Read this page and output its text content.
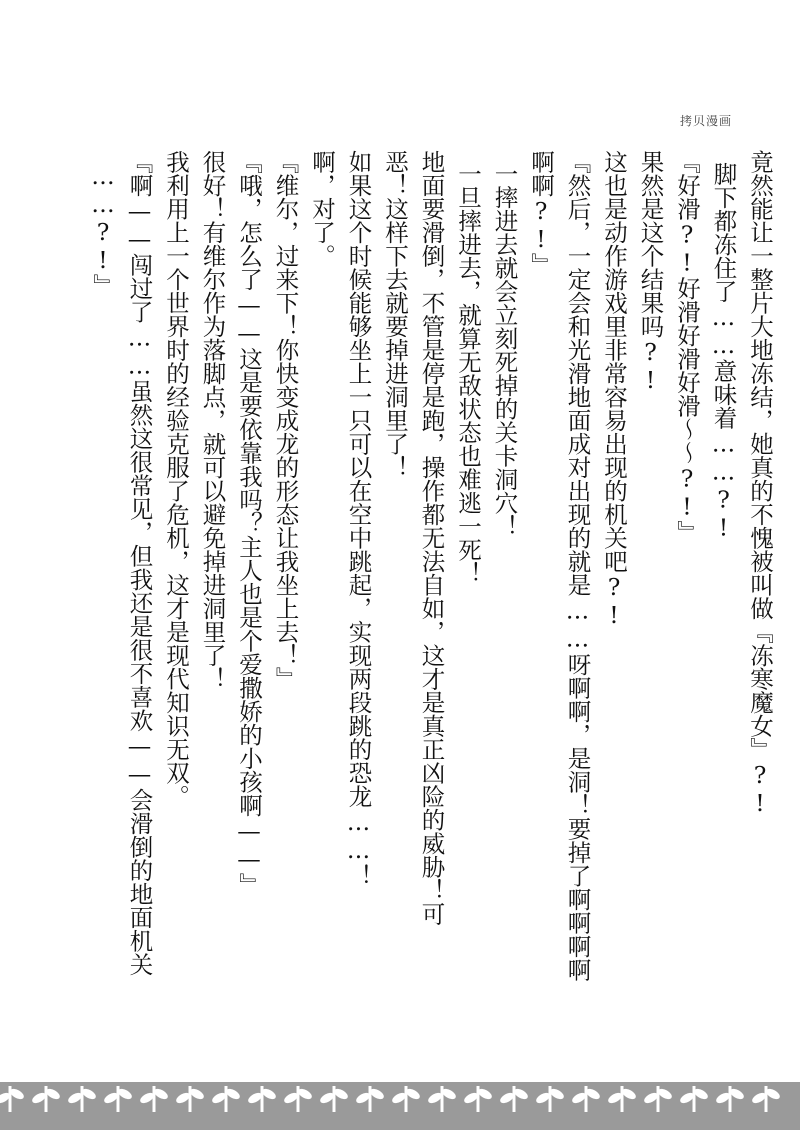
拷贝漫画
竟然能让一整片大地冻结，她真的不愧被叫做『冻寒魔女』?!
脚下都冻住了……意味着……?!
『好滑?!好滑好滑好滑～～?!』
果然是这个结果吗?!
这也是动作游戏里非常容易出现的机关吧?!
『然后，一定会和光滑地面成对出现的就是……呀啊啊，是洞！要掉了啊啊啊啊
啊啊?!』
一摔进去就会立刻死掉的关卡洞穴！
一旦摔进去，就算无敌状态也难逃一死！
地面要滑倒，不管是停是跑，操作都无法自如，这才是真正凶险的威胁！可
恶！这样下去就要掉进洞里了！
如果这个时候能够坐上一只可以在空中跳起，实现两段跳的恐龙……！
啊，对了。
『维尔，过来下！你快变成龙的形态让我坐上去！』
『哦，怎么了——这是要依靠我吗？主人也是个爱撒娇的小孩啊——』
很好！有维尔作为落脚点，就可以避免掉进洞里了！
我利用上一个世界时的经验克服了危机，这才是现代知识无双。
『啊——闯过了……虽然这很常见，但我还是很不喜欢——会滑倒的地面机关
……?!』
